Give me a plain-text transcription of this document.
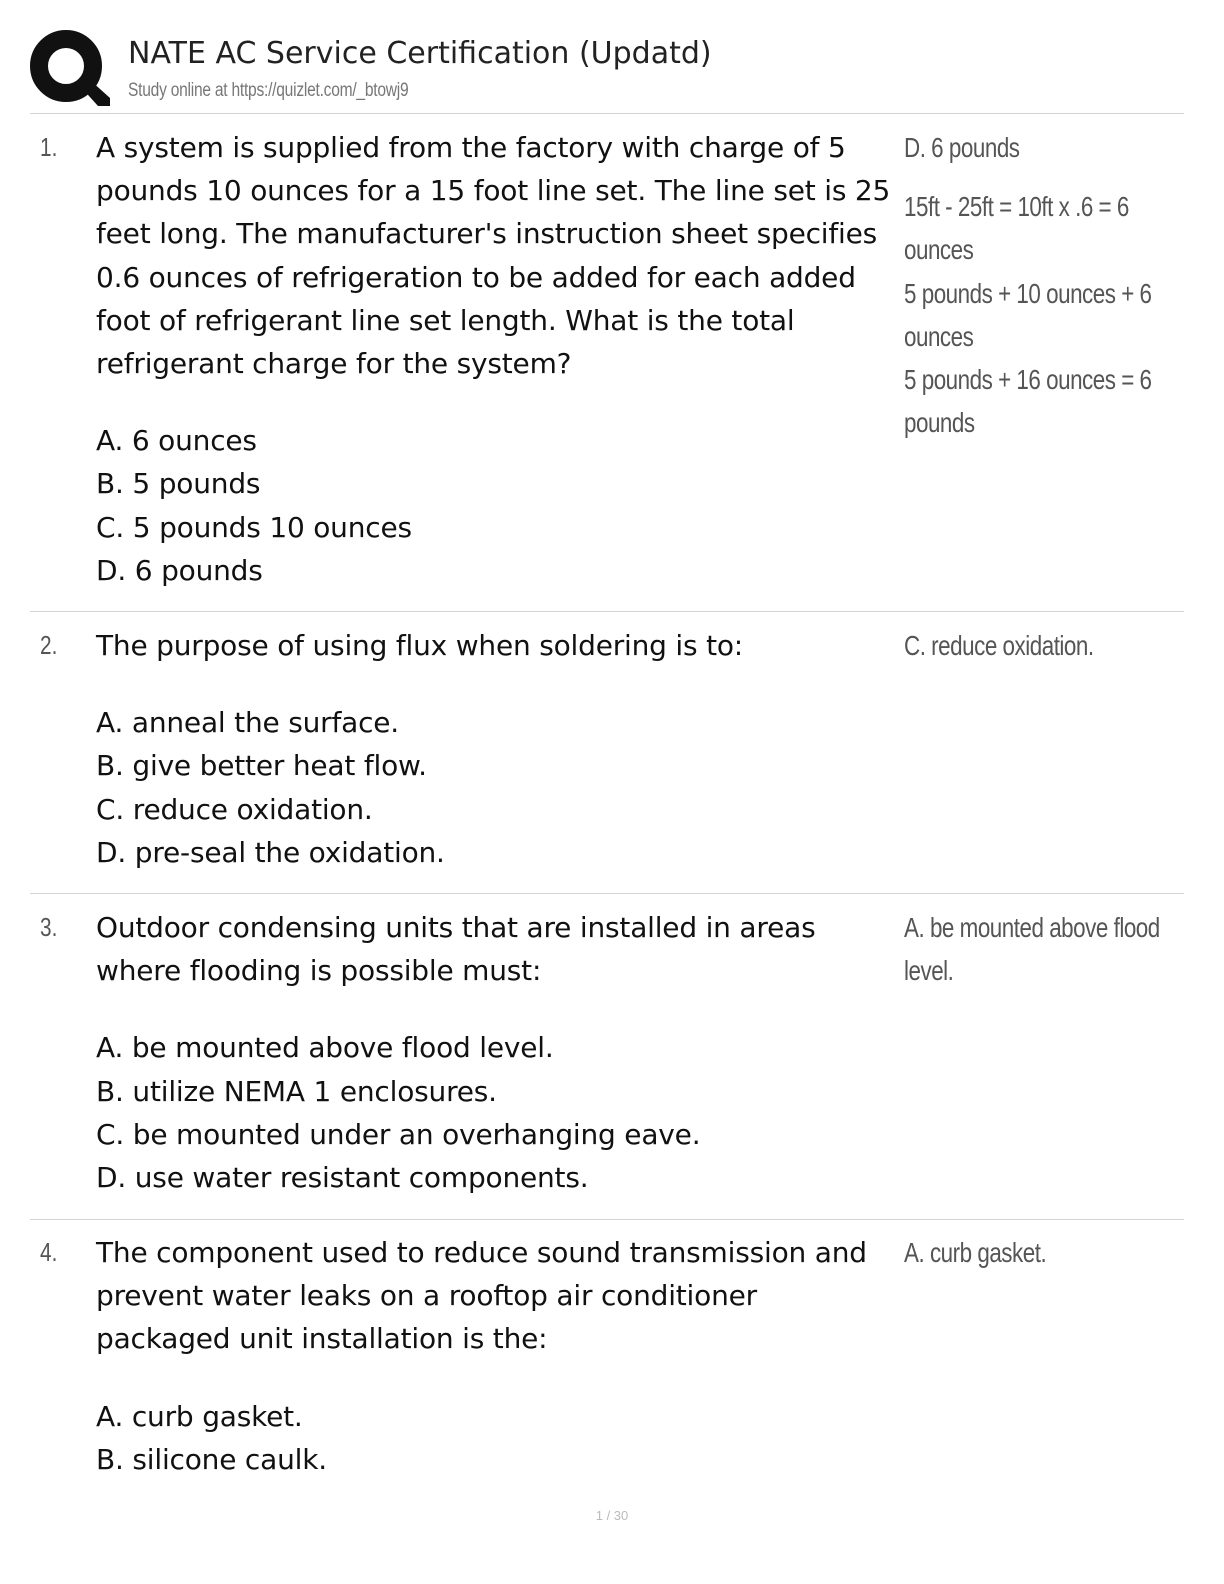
NATE AC Service Certification (Updatd)
Study online at https://quizlet.com/_btowj9
1. A system is supplied from the factory with charge of 5 pounds 10 ounces for a 15 foot line set. The line set is 25 feet long. The manufacturer's instruction sheet specifies 0.6 ounces of refrigeration to be added for each added foot of refrigerant line set length. What is the total refrigerant charge for the system?

A. 6 ounces
B. 5 pounds
C. 5 pounds 10 ounces
D. 6 pounds
D. 6 pounds
15ft - 25ft = 10ft x .6 = 6
ounces
5 pounds + 10 ounces + 6
ounces
5 pounds + 16 ounces = 6
pounds
2. The purpose of using flux when soldering is to:

A. anneal the surface.
B. give better heat flow.
C. reduce oxidation.
D. pre-seal the oxidation.
C. reduce oxidation.
3. Outdoor condensing units that are installed in areas where flooding is possible must:

A. be mounted above flood level.
B. utilize NEMA 1 enclosures.
C. be mounted under an overhanging eave.
D. use water resistant components.
A. be mounted above flood
level.
4. The component used to reduce sound transmission and prevent water leaks on a rooftop air conditioner packaged unit installation is the:

A. curb gasket.
B. silicone caulk.
A. curb gasket.
1 / 30
